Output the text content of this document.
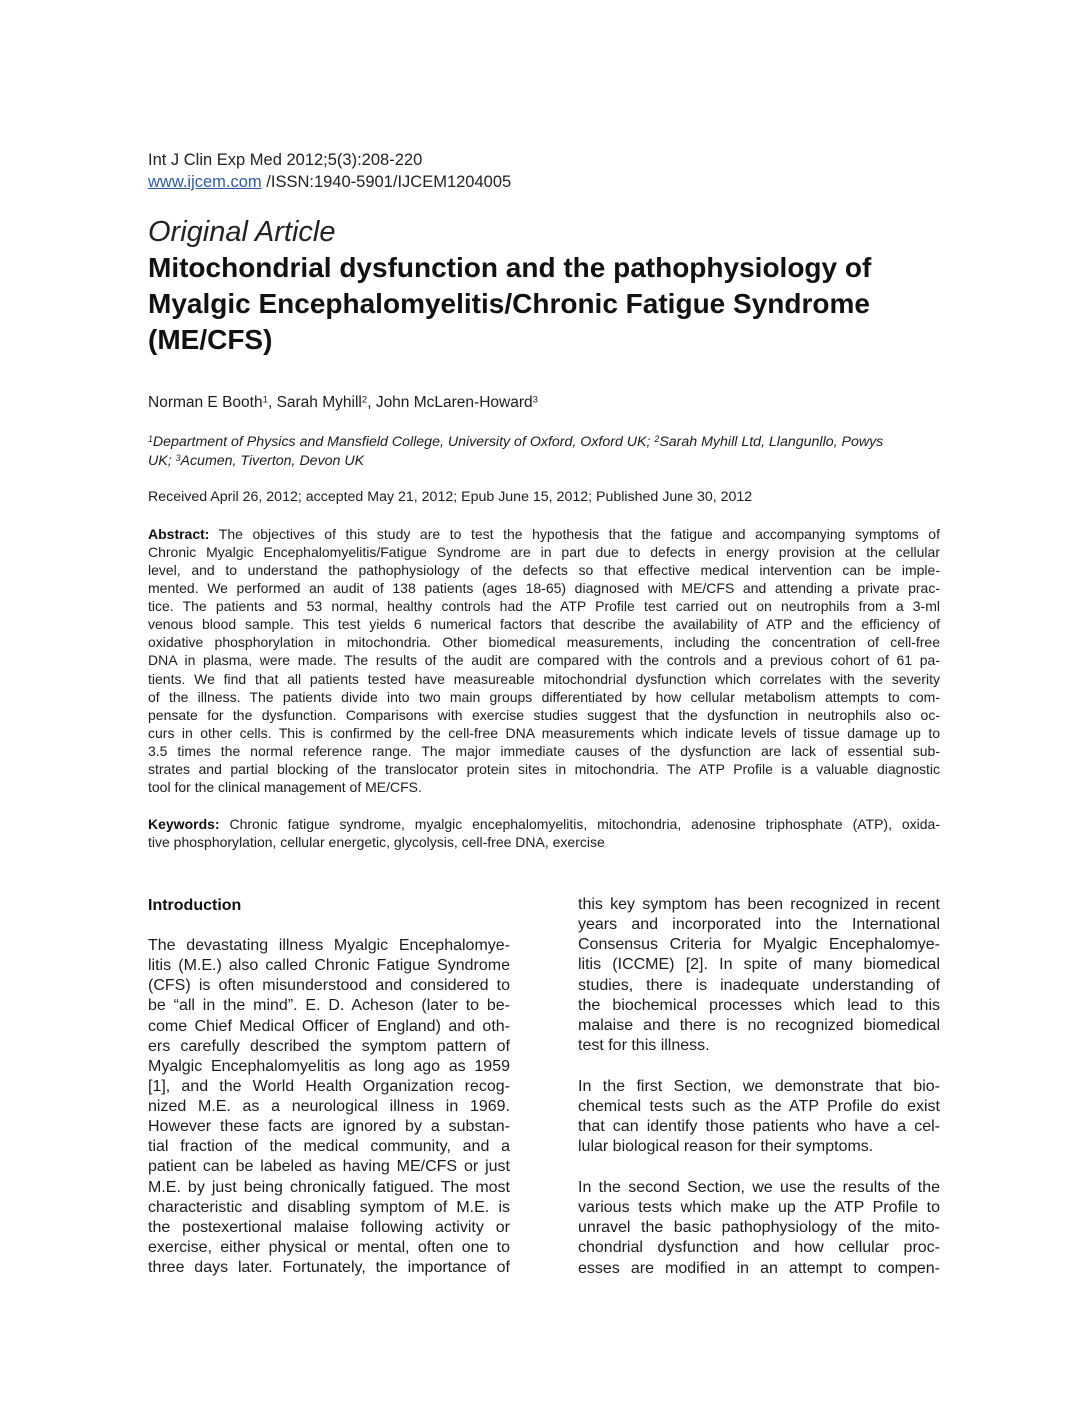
Int J Clin Exp Med 2012;5(3):208-220
www.ijcem.com /ISSN:1940-5901/IJCEM1204005
Original Article
Mitochondrial dysfunction and the pathophysiology of
Myalgic Encephalomyelitis/Chronic Fatigue Syndrome
(ME/CFS)
Norman E Booth$^1$, Sarah Myhill$^2$, John McLaren-Howard$^3$
$^1$Department of Physics and Mansfield College, University of Oxford, Oxford UK; $^2$Sarah Myhill Ltd, Llangunllo, Powys
UK; $^3$Acumen, Tiverton, Devon UK
Received April 26, 2012; accepted May 21, 2012; Epub June 15, 2012; Published June 30, 2012
Abstract: The objectives of this study are to test the hypothesis that the fatigue and accompanying symptoms of
Chronic Myalgic Encephalomyelitis/Fatigue Syndrome are in part due to defects in energy provision at the cellular
level, and to understand the pathophysiology of the defects so that effective medical intervention can be imple-
mented. We performed an audit of 138 patients (ages 18-65) diagnosed with ME/CFS and attending a private prac-
tice. The patients and 53 normal, healthy controls had the ATP Profile test carried out on neutrophils from a 3-ml
venous blood sample. This test yields 6 numerical factors that describe the availability of ATP and the efficiency of
oxidative phosphorylation in mitochondria. Other biomedical measurements, including the concentration of cell-free
DNA in plasma, were made. The results of the audit are compared with the controls and a previous cohort of 61 pa-
tients. We find that all patients tested have measureable mitochondrial dysfunction which correlates with the severity
of the illness. The patients divide into two main groups differentiated by how cellular metabolism attempts to com-
pensate for the dysfunction. Comparisons with exercise studies suggest that the dysfunction in neutrophils also oc-
curs in other cells. This is confirmed by the cell-free DNA measurements which indicate levels of tissue damage up to
3.5 times the normal reference range. The major immediate causes of the dysfunction are lack of essential sub-
strates and partial blocking of the translocator protein sites in mitochondria. The ATP Profile is a valuable diagnostic
tool for the clinical management of ME/CFS.
Keywords: Chronic fatigue syndrome, myalgic encephalomyelitis, mitochondria, adenosine triphosphate (ATP), oxida-
tive phosphorylation, cellular energetic, glycolysis, cell-free DNA, exercise
Introduction
The devastating illness Myalgic Encephalomye-
litis (M.E.) also called Chronic Fatigue Syndrome
(CFS) is often misunderstood and considered to
be “all in the mind”. E. D. Acheson (later to be-
come Chief Medical Officer of England) and oth-
ers carefully described the symptom pattern of
Myalgic Encephalomyelitis as long ago as 1959
[1], and the World Health Organization recog-
nized M.E. as a neurological illness in 1969.
However these facts are ignored by a substan-
tial fraction of the medical community, and a
patient can be labeled as having ME/CFS or just
M.E. by just being chronically fatigued. The most
characteristic and disabling symptom of M.E. is
the postexertional malaise following activity or
exercise, either physical or mental, often one to
three days later. Fortunately, the importance of
this key symptom has been recognized in recent
years and incorporated into the International
Consensus Criteria for Myalgic Encephalomye-
litis (ICCME) [2]. In spite of many biomedical
studies, there is inadequate understanding of
the biochemical processes which lead to this
malaise and there is no recognized biomedical
test for this illness.
In the first Section, we demonstrate that bio-
chemical tests such as the ATP Profile do exist
that can identify those patients who have a cel-
lular biological reason for their symptoms.
In the second Section, we use the results of the
various tests which make up the ATP Profile to
unravel the basic pathophysiology of the mito-
chondrial dysfunction and how cellular proc-
esses are modified in an attempt to compen-
